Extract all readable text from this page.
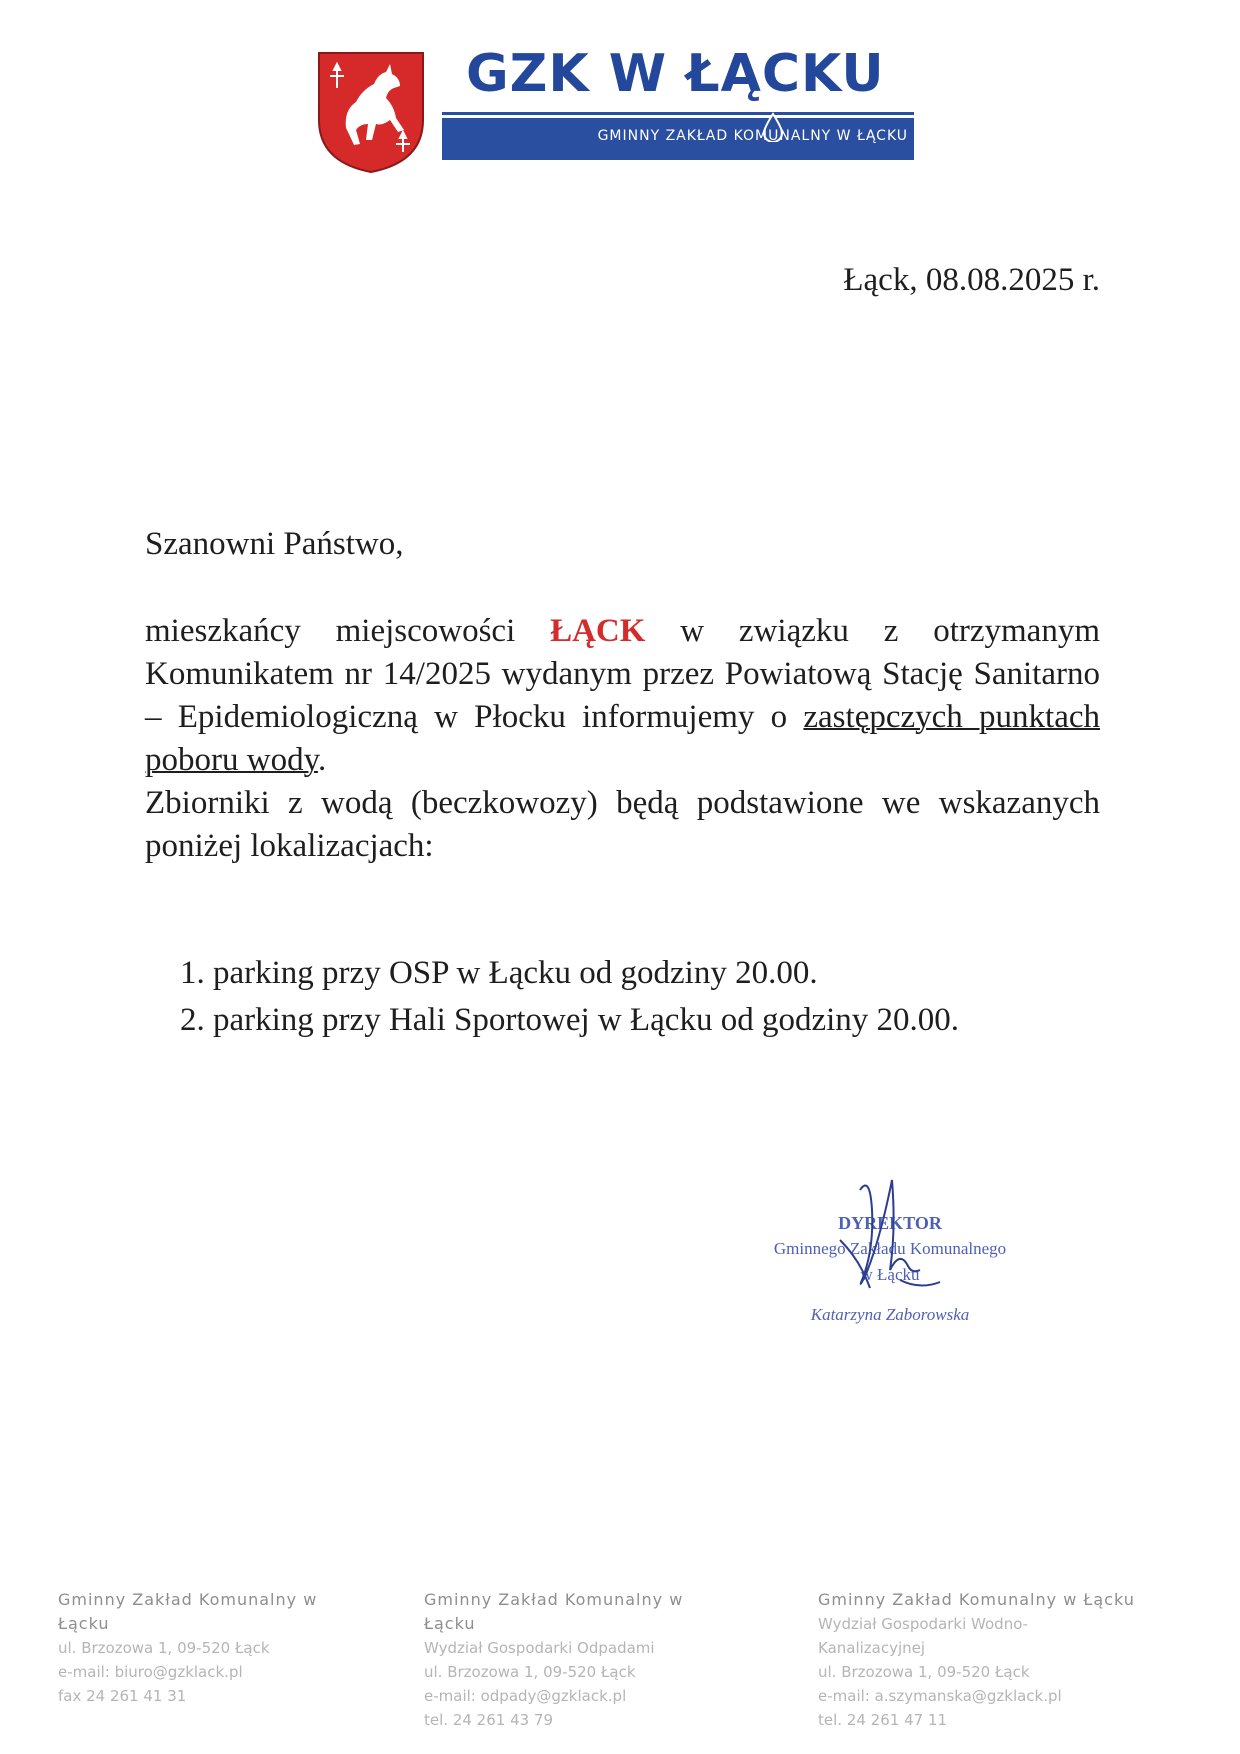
GZK W ŁĄCKU
GMINNY ZAKŁAD KOMUNALNY W ŁĄCKU
Łąck, 08.08.2025 r.
Szanowni Państwo,

mieszkańcy miejscowości ŁĄCK w związku z otrzymanym Komunikatem nr 14/2025 wydanym przez Powiatową Stację Sanitarno – Epidemiologiczną w Płocku informujemy o zastępczych punktach poboru wody.

Zbiorniki z wodą (beczkowozy) będą podstawione we wskazanych poniżej lokalizacjach:

1. parking przy OSP w Łącku od godziny 20.00.
2. parking przy Hali Sportowej w Łącku od godziny 20.00.
DYREKTOR
Gminnego Zakładu Komunalnego
w Łącku
Katarzyna Zaborowska
Gminny Zakład Komunalny w
Łącku
ul. Brzozowa 1, 09-520 Łąck
e-mail: biuro@gzklack.pl
fax 24 261 41 31
Gminny Zakład Komunalny w
Łącku
Wydział Gospodarki Odpadami
ul. Brzozowa 1, 09-520 Łąck
e-mail: odpady@gzklack.pl
tel. 24 261 43 79
Gminny Zakład Komunalny w Łącku
Wydział Gospodarki Wodno-
Kanalizacyjnej
ul. Brzozowa 1, 09-520 Łąck
e-mail: a.szymanska@gzklack.pl
tel. 24 261 47 11
